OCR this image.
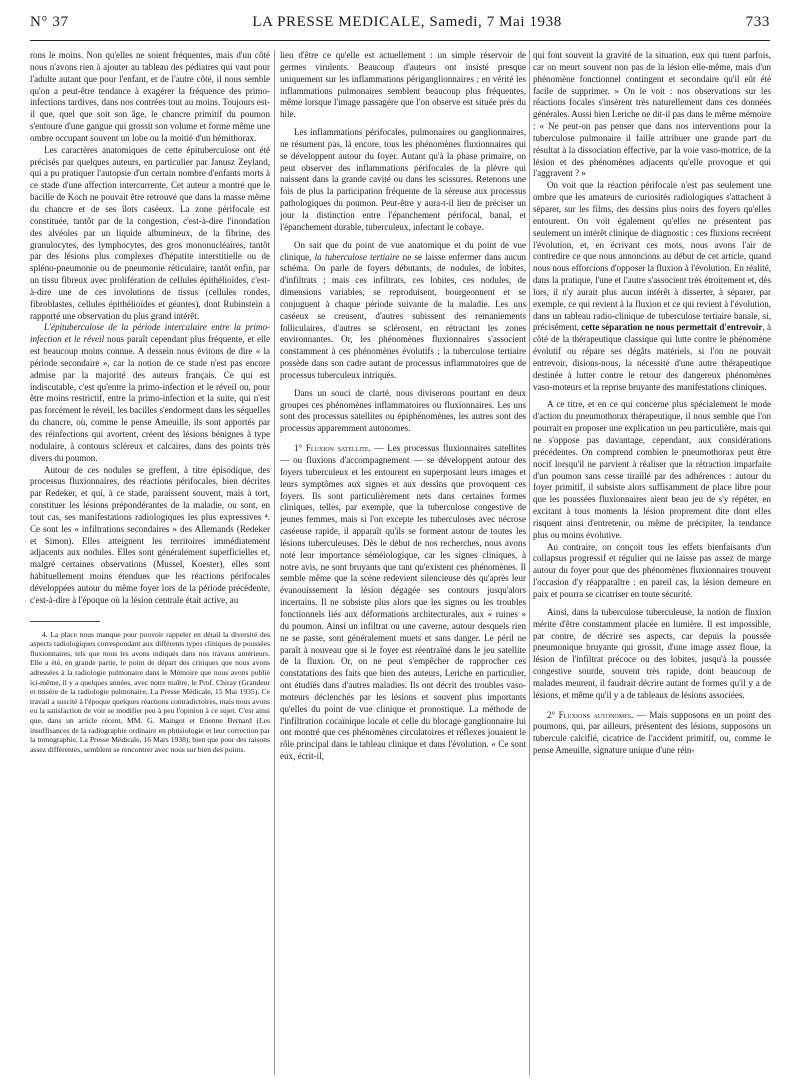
N° 37	LA PRESSE MEDICALE, Samedi, 7 Mai 1938	733

rons le moins. Non qu'elles ne soient fréquentes, mais d'un côté nous n'avons rien à ajouter au tableau des pédiatres qui vaut pour l'adulte autant que pour l'enfant, et de l'autre côté, il nous semble qu'on a peut-être tendance à exagérer la fréquence des primo-infections tardives, dans nos contrées tout au moins. Toujours est-il que, quel que soit son âge, le chancre primitif du poumon s'entoure d'une gangue qui grossit son volume et forme même une ombre occupant souvent un lobe ou la moitié d'un hémithorax.

Les caractères anatomiques de cette épituberculose ont été précisés par quelques auteurs, en particulier par Janusz Zeyland, qui a pu pratiquer l'autopsie d'un certain nombre d'enfants morts à ce stade d'une affection intercurrente. Cet auteur a montré que le bacille de Koch ne pouvait être retrouvé que dans la masse même du chancre et de ses îlots caséeux. La zone périfocale est constituée, tantôt par de la congestion, c'est-à-dire l'inondation des alvéoles par un liquide albumineux, de la fibrine, des granulocytes, des lymphocytes, des gros mononucléaires, tantôt par des lésions plus complexes d'hépatite interstitielle ou de spléno-pneumonie ou de pneumonie réticulaire, tantôt enfin, par un tissu fibreux avec prolifération de cellules épithélioïdes, c'est-à-dire une de ces involutions de tissus (cellules rondes, fibroblastes, cellules épithélioïdes et géantes), dont Rubinstein a rapporté une observation du plus grand intérêt.

L'épituberculose de la période intercalaire entre la primo-infection et le réveil nous paraît cependant plus fréquente, et elle est beaucoup moins connue. A dessein nous évitons de dire « la période secondaire », car la notion de ce stade n'est pas encore admise par la majorité des auteurs français. Ce qui est indiscutable, c'est qu'entre la primo-infection et le réveil ou, pour être moins restrictif, entre la primo-infection et la suite, qui n'est pas forcément le réveil, les bacilles s'endorment dans les séquelles du chancre, où, comme le pense Ameuille, ils sont apportés par des réinfections qui avortent, créent des lésions bénignes à type nodulaire, à contours scléreux et calcaires, dans des points très divers du poumon.

Autour de ces nodules se greffent, à titre épisodique, des processus fluxionnaires, des réactions périfocales, bien décrites par Redeker, et qui, à ce stade, paraissent souvent, mais à tort, constituer les lésions prépondérantes de la maladie, ou sont, en tout cas, ses manifestations radiologiques les plus expressives ⁴. Ce sont les « infiltrations secondaires » des Allemands (Redeker et Simon). Elles atteignent les territoires immédiatement adjacents aux nodules. Elles sont généralement superficielles et, malgré certaines observations (Mussel, Koester), elles sont habituellement moins étendues que les réactions périfocales développées autour du même foyer lors de la période précédente, c'est-à-dire à l'époque où la lésion centrale était active, au

4. La place nous manque pour pouvoir rappeler en détail la diversité des aspects radiologiques correspondant aux différents types cliniques de poussées fluxionnaires, tels que nous les avons indiqués dans nos travaux antérieurs. Elle a été, en grande partie, le point de départ des critiques que nous avons adressées à la radiologie pulmonaire dans le Mémoire que nous avons publié ici-même, il y a quelques années, avec notre maître, le Prof. Chiray (Grandeur et misère de la radiologie pulmonaire, La Presse Médicale, 15 Mai 1935). Ce travail a suscité à l'époque quelques réactions contradictoires, mais nous avons eu la satisfaction de voir se modifier peu à peu l'opinion à ce sujet. C'est ainsi que, dans un article récent, MM. G. Maingot et Etienne Bernard (Les insuffisances de la radiographie ordinaire en phtisiologie et leur correction par la tomographie, La Presse Médicale, 16 Mars 1938), bien que pour des raisons assez différentes, semblent se rencontrer avec nous sur bien des points.

lieu d'être ce qu'elle est actuellement : un simple réservoir de germes virulents. Beaucoup d'auteurs ont insisté presque uniquement sur les inflammations périganglionnaires ; en vérité les inflammations pulmonaires semblent beaucoup plus fréquentes, même lorsque l'image passagère que l'on observe est située près du hile.

Les inflammations périfocales, pulmonaires ou ganglionnaires, ne résument pas, là encore, tous les phénomènes fluxionnaires qui se développent autour du foyer. Autant qu'à la phase primaire, on peut observer des inflammations périfocales de la plèvre qui naissent dans la grande cavité ou dans les scissures. Retenons une fois de plus la participation fréquente de la séreuse aux processus pathologiques du poumon. Peut-être y aura-t-il lieu de préciser un jour la distinction entre l'épanchement périfocal, banal, et l'épanchement durable, tuberculeux, infectant le cobaye.

On sait que du point de vue anatomique et du point de vue clinique, la tuberculose tertiaire ne se laisse enfermer dans aucun schéma. On parle de foyers débutants, de nodules, de lobites, d'infiltrats ; mais ces infiltrats, ces lobites, ces nodules, de dimensions variables, se reproduisent, bourgeonnent et se conjuguent à chaque période suivante de la maladie. Les uns caséeux se creusent, d'autres subissent des remaniements folliculaires, d'autres se sclérosent, en rétractant les zones environnantes. Or, les phénomènes fluxionnaires s'associent constamment à ces phénomènes évolutifs ; la tuberculose tertiaire possède dans son cadre autant de processus inflammatoires que de processus tuberculeux intriqués.

Dans un souci de clarté, nous diviserons pourtant en deux groupes ces phénomènes inflammatoires ou fluxionnaires. Les uns sont des processus satellites ou épiphénomènes, les autres sont des processus apparemment autonomes.

1° Fluxion satellite. — Les processus fluxionnaires satellites — ou fluxions d'accompagnement — se développent autour des foyers tuberculeux et les entourent en superposant leurs images et leurs symptômes aux signes et aux dessins que provoquent ces foyers. Ils sont particulièrement nets dans certaines formes cliniques, telles, par exemple, que la tuberculose congestive de jeunes femmes, mais si l'on excepte les tuberculoses avec nécrose caséeuse rapide, il apparaît qu'ils se forment autour de toutes les lésions tuberculeuses. Dès le début de nos recherches, nous avons noté leur importance séméiologique, car les signes cliniques, à notre avis, ne sont bruyants que tant qu'existent ces phénomènes. Il semble même que la scène redevient silencieuse dès qu'après leur évanouissement la lésion dégagée ses contours jusqu'alors incertains. Il ne subsiste plus alors que les signes ou les troubles fonctionnels liés aux déformations architecturales, aux « ruines » du poumon. Ainsi un infiltrat ou une caverne, autour desquels rien ne se passe, sont généralement muets et sans danger. Le péril ne paraît à nouveau que si le foyer est réentraîné dans le jeu satellite de la fluxion. Or, on ne peut s'empêcher de rapprocher ces constatations des faits que bien des auteurs, Leriche en particulier, ont étudiés dans d'autres maladies. Ils ont décrit des troubles vaso-moteurs déclenchés par les lésions et souvent plus importants qu'elles du point de vue clinique et pronostique. La méthode de l'infiltration cocaïnique locale et celle du blocage ganglionnaire lui ont montré que ces phénomènes circulatoires et réflexes jouaient le rôle principal dans le tableau clinique et dans l'évolution. « Ce sont eux, écrit-il,

qui font souvent la gravité de la situation, eux qui tuent parfois, car on meurt souvent non pas de la lésion elle-même, mais d'un phénomène fonctionnel contingent et secondaire qu'il eût été facile de supprimer. » On le voit : nos observations sur les réactions focales s'insèrent très naturellement dans ces données générales. Aussi bien Leriche ne dit-il pas dans le même mémoire : « Ne peut-on pas penser que dans nos interventions pour la tuberculose pulmonaire il faille attribuer une grande part du résultat à la dissociation effective, par la voie vaso-motrice, de la lésion et des phénomènes adjacents qu'elle provoque et qui l'aggravent ? »

On voit que la réaction périfocale n'est pas seulement une ombre que les amateurs de curiosités radiologiques s'attachent à séparer, sur les films, des dessins plus noirs des foyers qu'elles entourent. On voit également qu'elles ne présentent pas seulement un intérêt clinique de diagnostic : ces fluxions recréent l'évolution, et, en écrivant ces mots, nous avons l'air de contredire ce que nous annoncions au début de cet article, quand nous nous efforcions d'opposer la fluxion à l'évolution. En réalité, dans la pratique, l'une et l'autre s'associent très étroitement et, dès lors, il n'y aurait plus aucun intérêt à disserter, à séparer, par exemple, ce qui revient à la fluxion et ce qui revient à l'évolution, dans un tableau radio-clinique de tuberculose tertiaire banale, si, précisément, cette séparation ne nous permettait d'entrevoir, à côté de la thérapeutique classique qui lutte contre le phénomène évolutif ou répare ses dégâts matériels, si l'on ne pouvait entrevoir, disions-nous, la nécessité d'une autre thérapeutique destinée à lutter contre le retour des dangereux phénomènes vaso-moteurs et la reprise bruyante des manifestations cliniques.

A ce titre, et en ce qui concerne plus spécialement le mode d'action du pneumothorax thérapeutique, il nous semble que l'on pourrait en proposer une explication un peu particulière, mais qui ne s'oppose pas davantage, cependant, aux considérations précédentes. On comprend combien le pneumothorax peut être nocif lorsqu'il ne parvient à réaliser que la rétraction imparfaite d'un poumon sans cesse tiraillé par des adhérences : autour du foyer primitif, il subsiste alors suffisamment de place libre pour que les poussées fluxionnaires aient beau jeu de s'y répéter, en excitant à tous moments la lésion proprement dite dont elles risquent ainsi d'entretenir, ou même de précipiter, la tendance plus ou moins évolutive.

Au contraire, on conçoit tous les effets bienfaisants d'un collapsus progressif et régulier qui ne laisse pas assez de marge autour du foyer pour que des phénomènes fluxionnaires trouvent l'occasion d'y réapparaître : en pareil cas, la lésion demeure en paix et pourra se cicatriser en toute sécurité.

Ainsi, dans la tuberculose tuberculeuse, la notion de fluxion mérite d'être constamment placée en lumière. Il est impossible, par contre, de décrire ses aspects, car depuis la poussée pneumonique bruyante qui grossit, d'une image assez floue, la lésion de l'infiltrat précoce ou des lobites, jusqu'à la poussée congestive sourde, souvent très rapide, dont beaucoup de malades meurent, il faudrait décrire autant de formes qu'il y a de lésions, et même qu'il y a de tableaux de lésions associées.

2° Fluxions autonomes. — Mais supposons en un point des poumons, qui, par ailleurs, présentent des lésions, supposons un tubercule calcifié, cicatrice de l'accident primitif, ou, comme le pense Ameuille, signature unique d'une réin-
